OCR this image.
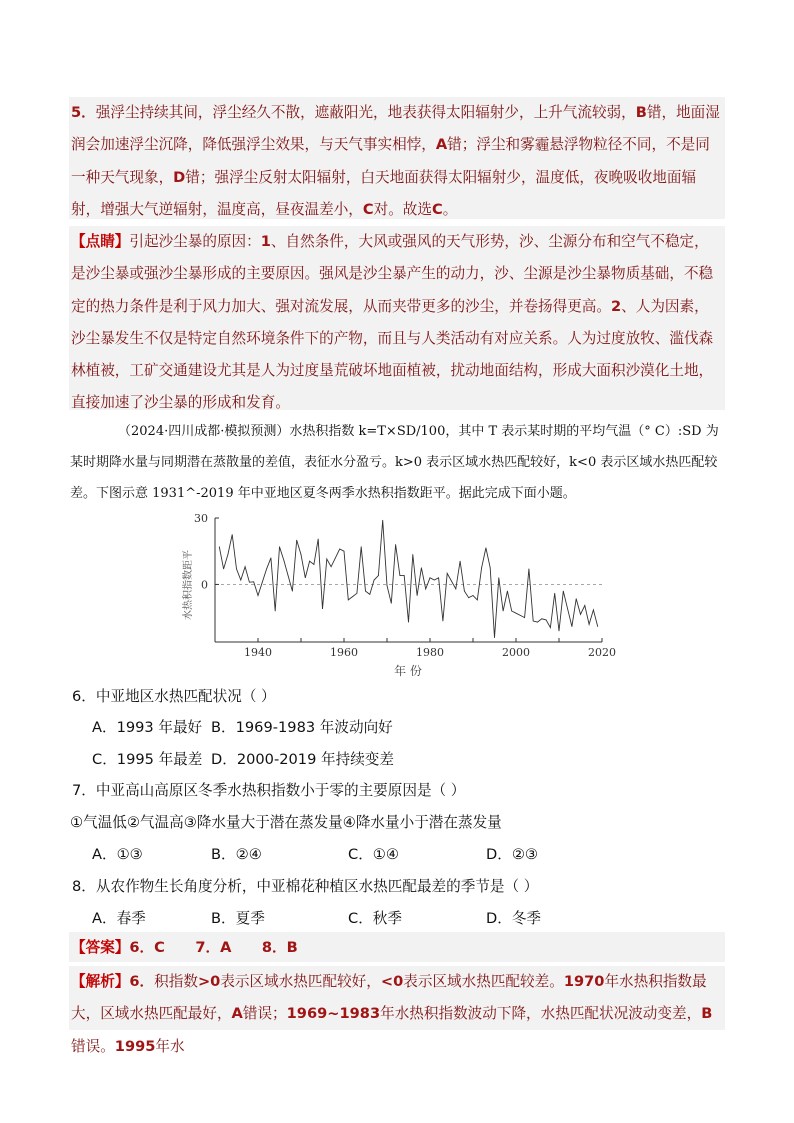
5．强浮尘持续其间，浮尘经久不散，遮蔽阳光，地表获得太阳辐射少，上升气流较弱，B错，地面湿润会加速浮尘沉降，降低强浮尘效果，与天气事实相悖，A错；浮尘和雾霾悬浮物粒径不同，不是同一种天气现象，D错；强浮尘反射太阳辐射，白天地面获得太阳辐射少，温度低，夜晚吸收地面辐射，增强大气逆辐射，温度高，昼夜温差小，C对。故选C。

【点睛】引起沙尘暴的原因：1、自然条件，大风或强风的天气形势，沙、尘源分布和空气不稳定，是沙尘暴或强沙尘暴形成的主要原因。强风是沙尘暴产生的动力，沙、尘源是沙尘暴物质基础，不稳定的热力条件是利于风力加大、强对流发展，从而夹带更多的沙尘，并卷扬得更高。2、人为因素，沙尘暴发生不仅是特定自然环境条件下的产物，而且与人类活动有对应关系。人为过度放牧、滥伐森林植被，工矿交通建设尤其是人为过度垦荒破坏地面植被，扰动地面结构，形成大面积沙漠化土地，直接加速了沙尘暴的形成和发育。

（2024·四川成都·模拟预测）水热积指数 k=T×SD/100，其中 T 表示某时期的平均气温（° C）:SD 为某时期降水量与同期潜在蒸散量的差值，表征水分盈亏。k>0 表示区域水热匹配较好，k<0 表示区域水热匹配较差。下图示意 1931^-2019 年中亚地区夏冬两季水热积指数距平。据此完成下面小题。
1940	1960	1980	2000	2020
0
30
年 份
水热积指数距平
6．中亚地区水热匹配状况（ ）
A．1993 年最好 B．1969-1983 年波动向好
C．1995 年最差 D．2000-2019 年持续变差
7．中亚高山高原区冬季水热积指数小于零的主要原因是（ ）
①气温低②气温高③降水量大于潜在蒸发量④降水量小于潜在蒸发量
A．①③	B．②④	C．①④	D．②③
8．从农作物生长角度分析，中亚棉花种植区水热匹配最差的季节是（ ）
A．春季	B．夏季	C．秋季	D．冬季

【答案】6．C      7．A      8．B

【解析】6．积指数>0表示区域水热匹配较好，<0表示区域水热匹配较差。1970年水热积指数最大，区域水热匹配最好，A错误；1969~1983年水热积指数波动下降，水热匹配状况波动变差，B错误。1995年水
